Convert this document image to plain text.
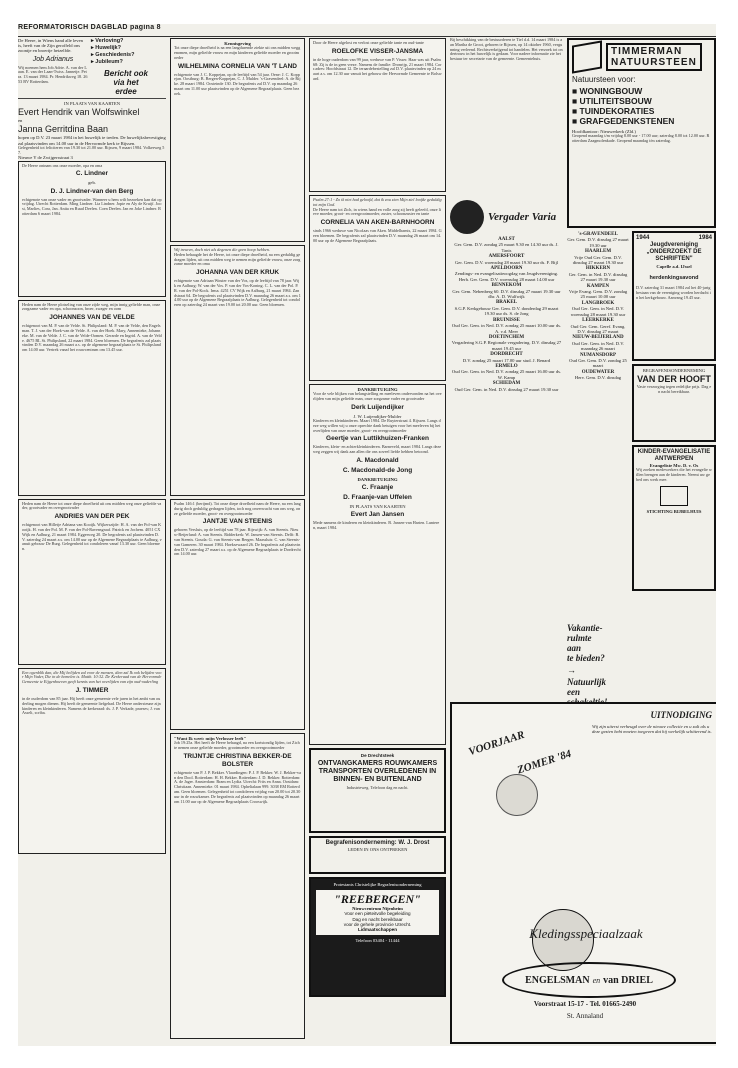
REFORMATORISCH DAGBLAD pagina 8

De Heere, in Wiens hand alle leven is, heeft van de Zijn geroffeld ons zoontje en broertje hetzelfde.

Job Adrianus

Wij noemen hem Job Adrie. A. van der Laan. E. van der Laan-Twiss. Jannetje. Petra. 13 maart 1984. Pr. Hendrikweg 18. 2653 BV Rotterdam.

▸ Verloving?
▸ Huwelijk?
▸ Geschiedenis?
▸ Jubileum?
Bericht ook
via het
erdee

IN PLAATS VAN KAARTEN

Evert Hendrik van Wolfswinkel

en

Janna Gerritdina Baan

hopen op D.V. 23 maart 1984 in het huwelijk te treden. De huwelijksbevestiging zal plaatsvinden om 14.00 uur in de Hervormde kerk te Rijssen.

Gelegenheid tot feliciteren van 19.30 tot 21.00 uur. Rijssen, 9 maart 1984. Volkerweg 57.

Nieuwe Y de Zwijgersstraat 3

De Heere ontnam ons onze moeder, opa en oma

C. Lindner

geb.

D. J. Lindner-van den Berg

echtgenote van onze vader en grootvader. Wanneer u hem wilt bezoeken kan dat op vrijdag. Utrecht Rotterdam. Ming Lindner. Lia Lindner. Jopie en Aly de Kruijf. Joost, Marlies, Cora, Jan. Anita en Ruud Deelen. Coen Deelen. Jan en Joke Lindner. Rotterdam 6 maart 1984.

Heden nam de Heere plotseling van onze zijde weg, mijn innig geliefde man, onze zorgzame vader en opa, schoonzoon, broer, zwager en oom

JOHANNES VAN DE VELDE

echtgenoot van M. P. van de Velde. St. Philipsland: M. P. van de Velde, den Engelsman. T. J. van der Hoek-van de Velde. A. van der Hoek. Mary, Annemieke, Johanneke. M. van de Velde. J. C. van de Velde-Oomen. Gerarde en Ingrid. A. van de Velde. 4675 BL St. Philipsland, 22 maart 1984. Geen bloemen. De begrafenis zal plaatsvinden D.V. maandag 26 maart a.s. op de algemene begraafplaats te St. Philipsland om 14.00 uur. Vertrek vanaf het rouwcentrum om 13.45 uur.

Heden nam de Heere tot onze diepe droefheid uit ons midden weg onze geliefde vader, grootvader en overgrootvader

ANDRIES VAN DER PEK

echtgenoot van Hilletje Adriana van Kooijk. Wijkerszijde: H. A. van der Pol-van Kooijk. H. van der Pol. M. P. van der Pol-Ravensgraaf. Patrick en Jochem. 4051 CX Wijk en Aalburg, 21 maart 1984. Eggerweg 20. De begrafenis zal plaatsvinden D.V. zaterdag 24 maart a.s. om 14.00 uur op de Algemene Begraafplaats te Aalburg, vanuit gebouw De Burg. Gelegenheid tot condoleren vanaf 13.30 uur. Geen bloemen.

Een ogenblik dan, die Mij belijden zal voor de mensen, dien zal Ik ook belijden voor Mijn Vader, Die in de hemelen is. Matth. 10:32. De Kerkeraad van de Hervormde Gemeente te Eijgenhoeven geeft kennis van het overlijden van zijn oud-ouderling

J. TIMMER

in de ouderdom van 85 jaar. Hij heeft onze gemeente vele jaren in het ambt van ouderling mogen dienen. Hij heeft de gemeente liefgehad. De Heere ondersteune zijn kinderen en kleinkinderen. Namens de kerkeraad: ds. J. P. Verkade, praeses; J. van Asselt, scriba.

Kennisgeving

Tot onze diepe droefheid is na een langdurende ziekte uit ons midden weggenomen, mijn geliefde vrouw en mijn kinderen geliefde moeder en grootmoeder

WILHELMINA CORNELIA VAN 'T LAND

echtgenote van J. C. Koppejan, op de leeftijd van 54 jaar. Oene: J. C. Koppejan. Oostburg: B. Bergen-Koppejan, C. J. Mulder. 's-Gravendeel: A. de Rijke. 28 maart 1984. Oosteinde 130. De begrafenis zal D.V. op maandag 26 maart om 11.00 uur plaatsvinden op de Algemene Begraafplaats. Geen bezoek.

Wij treuren, doch niet als degenen die geen hoop hebben.

Heden behaagde het de Heere, tot onze diepe droefheid, na een geduldig gedragen lijden, uit ons midden weg te nemen mijn geliefde vrouw, onze zorgzame moeder en oma

JOHANNA VAN DER KRUK

echtgenote van Adriaan Wouter van der Vos, op de leeftijd van 78 jaar. Wijk en Aalburg: W. van der Vos. P. van der Vos-Koning. C. L. van der Pol. P. R. van der Pol-Kock. Irma. 4251 CV Wijk en Aalburg, 21 maart 1984. Zandstraat 64. De begrafenis zal plaatsvinden D.V. maandag 26 maart a.s. om 14.00 uur op de Algemene Begraafplaats te Aalburg. Gelegenheid tot condoleren op zaterdag 24 maart van 19.00 tot 20.00 uur. Geen bloemen.

Psalm 146:1 (berijmd). Tot onze diepe droefheid nam de Heere, na een langdurig doch geduldig gedragen lijden, toch nog onverwacht van ons weg, onze geliefde moeder, groot- en overgrootmoeder

JANTJE VAN STEENIS

geboren Versluis, op de leeftijd van 78 jaar. Rijswijk: A. van Steenis. Nieuw-Beijerland: A. van Steenis. Ridderkerk: W. Jansen-van Steenis. Delft: B. van Steenis. Gouda: G. van Steenis-van Bergen. Maassluis: C. van Steenis-van Gameren. 30 maart 1984. Hoeksewaard 26. De begrafenis zal plaatsvinden D.V. zaterdag 27 maart a.s. op de Algemene Begraafplaats te Dordrecht om 14.00 uur.

"Want Ik weet: mijn Verlosser leeft"

Job 19:25a. Het heeft de Heere behaagd, na een kortstondig lijden, tot Zich te nemen onze geliefde moeder, grootmoeder en overgrootmoeder

TRIJNTJE CHRISTINA BEKKER-DE BOLSTER

echtgenote van P. J. P. Bekker. Vlaardingen: P. J. P. Bekker. W. J. Bekker-van den Dool. Rotterdam: H. H. Bekker. Rotterdam: J. D. Bekker. Rotterdam: A. de Jager. Amsterdam: Bram en Lydia. Utrecht: Frits en Anna. Oostdam: Christiaan. Annemieke. 01 maart 1984. Ophelialaan 999. 3038 EM Rotterdam. Geen bloemen. Gelegenheid tot condoleren vrijdag van 20.00 tot 20.30 uur in de rouwkamer. De begrafenis zal plaatsvinden op maandag 26 maart om 11.00 uur op de Algemene Begraafplaats Crooswijk.

Door de Heere afgelost en verlost onze geliefde tante en oud-tante

ROELOFKE VISSER-JANSMA

in de hoge ouderdom van 99 jaar, weduwe van P. Visser. Haar was uit Psalm 68: Zij is de in geen vreze. Namens de familie: Dronrijp, 21 maart 1984. Corr.adres: Hoofdstraat 12. De teraardebestelling zal D.V. plaatsvinden op 24 maart a.s. om 12.30 uur vanuit het gebouw der Hervormde Gemeente te Bolsward.

Psalm 27:1 - Zo ik niet had geloofd, dat ik zou zien Mijn ziel loofde geduldig tot mijn God.

De Heere nam tot Zich, in wiens hand en volle zorg zij heeft geleefd, onze lieve moeder, groot- en overgrootmoeder, zuster, schoonzuster en tante

CORNELIA VAN AKEN-BARNHOORN

sinds 1966 weduwe van Nicolaas van Aken. Middelharnis, 22 maart 1984. Geen bloemen. De begrafenis zal plaatsvinden D.V. maandag 26 maart om 14.00 uur op de Algemene Begraafplaats.

DANKBETUIGING

Voor de vele blijken van belangstelling en meeleven ondervonden na het overlijden van mijn geliefde man, onze zorgzame vader en grootvader

Derk Luijendijker

J. W. Luijendijker-Mulder

Kinderen en kleinkinderen. Maart 1984. De Ruyterstraat 4. Rijssen. Langs deze weg willen wij u onze oprechte dank betuigen voor het meeleven bij het overlijden van onze moeder, groot- en overgrootmoeder

Geertje van Luttikhuizen-Franken

Kinderen, klein- en achterkleinkinderen. Barneveld, maart 1984. Langs deze weg zeggen wij dank aan allen die ons zoveel liefde hebben betoond.

A. Macdonald

C. Macdonald-de Jong

DANKBETUIGING

C. Fraanje

D. Fraanje-van Uffelen

IN PLAATS VAN KAARTEN

Evert Jan Jansen

Mede namens de kinderen en kleinkinderen. B. Jansen-van Harten. Lunteren, maart 1984.

De Drechtsteek

ONTVANGKAMERS ROUWKAMERS TRANSPORTEN OVERLEDENEN IN BINNEN- EN BUITENLAND

Industrieweg. Telefoon dag en nacht.

Begrafenisonderneming: W. J. Drost

LEDEN IN ONS ONTPREKEN

Protestants Christelijke Begrafenisonderneming

"REEBERGEN"

Nieuwcentrum Nijenheim

Voor een piëteitvolle begeleiding

Dag en nacht bereikbaar

voor de gehele provincie Utrecht.

Lidmaatschappen

Telefoon 03404 - 11444

Bij beschikking van de bestuurderen te Tiel d.d. 14 maart 1984 is aan Martha de Groot, geboren te Rijssen, op 14 oktober 1960, vergunning verleend. Rechtsverkrijgend tot handelen. Het verzoek tot ondertrouw in het huwelijk is gedaan. Voor nadere informatie zie het bestuur ter secretarie van de gemeente. Gemeentehuis.

Vergader Varia

AALST
Ger. Gem. D.V. zondag 25 maart 9.30 en 14.30 uur ds. J. Tanis

AMERSFOORT
Ger. Gem. D.V. woensdag 28 maart 19.30 uur ds. F. Bijl

APELDOORN
Zendings- en evangelisatieoogdag van Jeugdvereniging. Herh. Ger. Gem. D.V. woensdag 28 maart 14.00 uur

BENNEKOM
Ger. Gem. Nebenberg 60. D.V. dinsdag 27 maart 19.30 uur dhr. A. D. Wulfwijk

BRAKEL
S.G.P. Kerkgebouw Ger. Gem. D.V. donderdag 29 maart 19.30 uur ds. S. de Jong

BRUINISSE
Oud Ger. Gem. in Ned. D.V. zondag 25 maart 10.00 uur ds. A. v.d. Meer

DOETINCHEM
Vergadering S.G.P. Regionale vergadering. D.V. dinsdag 27 maart 19.45 uur

DORDRECHT
D.V. zondag 25 maart 17.00 uur stud. J. Benard

ERMELO
Oud Ger. Gem. in Ned. D.V. zondag 25 maart 16.00 uur ds. W. Kamp

SCHIEDAM
Oud Ger. Gem. in Ned. D.V. dinsdag 27 maart 19.30 uur

TIMMERMAN
NATUURSTEEN

Natuursteen voor:

■ WONINGBOUW

■ UTILITEITSBOUW

■ TUINDEKORATIES

■ GRAFGEDENKSTENEN

Hoofdkantoor: Nieuwerkerk (Zld.)

Geopend maandag t/m vrijdag 8.00 uur - 17.00 uur; zaterdag 8.00 tot 12.00 uur. Rotterdam Zaagmolenkade. Geopend maandag t/m zaterdag.

's-GRAVENDEEL
Ger. Gem. D.V. dinsdag 27 maart 19.30 uur

HAARLEM
Vrije Oud Ger. Gem. D.V. dinsdag 27 maart 19.30 uur

HIKKERN
Ger. Gem. in Ned. D.V. dinsdag 27 maart 19.30 uur

KAMPEN
Vrije Evang. Gem. D.V. zondag 25 maart 10.00 uur

LANGBROEK
Oud Ger. Gem. in Ned. D.V. woensdag 28 maart 19.30 uur

LEERKERKE
Oud Ger. Gem. Geref. Evang. D.V. dinsdag 27 maart

NIEUW-BEIJERLAND
Oud Ger. Gem. in Ned. D.V. maandag 26 maart

NUMANSDORP
Oud Ger. Gem. D.V. zondag 25 maart

OUDEWATER
Herv. Gem. D.V. dinsdag

1944	1984

Jeugdvereniging „ONDERZOEKT DE SCHRIFTEN"

Capelle a.d. IJssel

herdenkingsavond

D.V. zaterdag 31 maart 1984 zal het 40-jarig bestaan van de vereniging worden herdacht in het kerkgebouw. Aanvang 19.45 uur.

BEGRAFENISONDERNEMING

VAN DER HOOFT

Vaste verzorging tegen redelijke prijs. Dag en nacht bereikbaar.

KINDER-EVANGELISATIE ANTWERPEN

Evangeliste Mw. D. v. Os

Wij zoeken medewerkers die het evangelie willen brengen aan de kinderen. Neemt uw gebed ons werk mee.

STICHTING BIJBELHUIS

Vakantie-
rulmte
aan
te bieden?

→

Natuurlijk
een

VOORJAAR
ZOMER '84

UITNODIGING

Wij zijn uiterst verheugd over de nieuwe collectie en u zult als u deze gezien hebt moeten toegeven dat hij werkelijk schitterend is.

Kledingsspeciaalzaak

ENGELSMAN en van DRIEL

Voorstraat 15-17 - Tel. 01665-2490

St. Annaland
